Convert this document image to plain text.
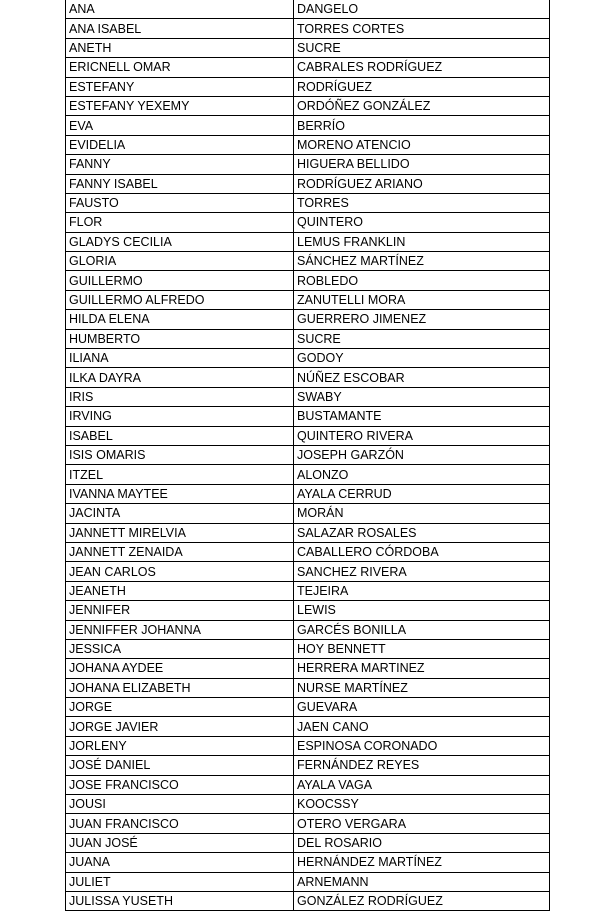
ANA	DANGELO
ANA ISABEL	TORRES CORTES
ANETH	SUCRE
ERICNELL OMAR	CABRALES RODRÍGUEZ
ESTEFANY	RODRÍGUEZ
ESTEFANY YEXEMY	ORDÓÑEZ GONZÁLEZ
EVA	BERRÍO
EVIDELIA	MORENO ATENCIO
FANNY	HIGUERA BELLIDO
FANNY ISABEL	RODRÍGUEZ ARIANO
FAUSTO	TORRES
FLOR	QUINTERO
GLADYS CECILIA	LEMUS FRANKLIN
GLORIA	SÁNCHEZ MARTÍNEZ
GUILLERMO	ROBLEDO
GUILLERMO ALFREDO	ZANUTELLI MORA
HILDA ELENA	GUERRERO JIMENEZ
HUMBERTO	SUCRE
ILIANA	GODOY
ILKA DAYRA	NÚÑEZ ESCOBAR
IRIS	SWABY
IRVING	BUSTAMANTE
ISABEL	QUINTERO RIVERA
ISIS OMARIS	JOSEPH GARZÓN
ITZEL	ALONZO
IVANNA MAYTEE	AYALA CERRUD
JACINTA	MORÁN
JANNETT MIRELVIA	SALAZAR ROSALES
JANNETT ZENAIDA	CABALLERO CÓRDOBA
JEAN CARLOS	SANCHEZ RIVERA
JEANETH	TEJEIRA
JENNIFER	LEWIS
JENNIFFER JOHANNA	GARCÉS BONILLA
JESSICA	HOY BENNETT
JOHANA AYDEE	HERRERA MARTINEZ
JOHANA ELIZABETH	NURSE MARTÍNEZ
JORGE	GUEVARA
JORGE JAVIER	JAEN CANO
JORLENY	ESPINOSA CORONADO
JOSÉ DANIEL	FERNÁNDEZ REYES
JOSE FRANCISCO	AYALA VAGA
JOUSI	KOOCSSY
JUAN FRANCISCO	OTERO VERGARA
JUAN JOSÉ	DEL ROSARIO
JUANA	HERNÁNDEZ MARTÍNEZ
JULIET	ARNEMANN
JULISSA YUSETH	GONZÁLEZ RODRÍGUEZ
